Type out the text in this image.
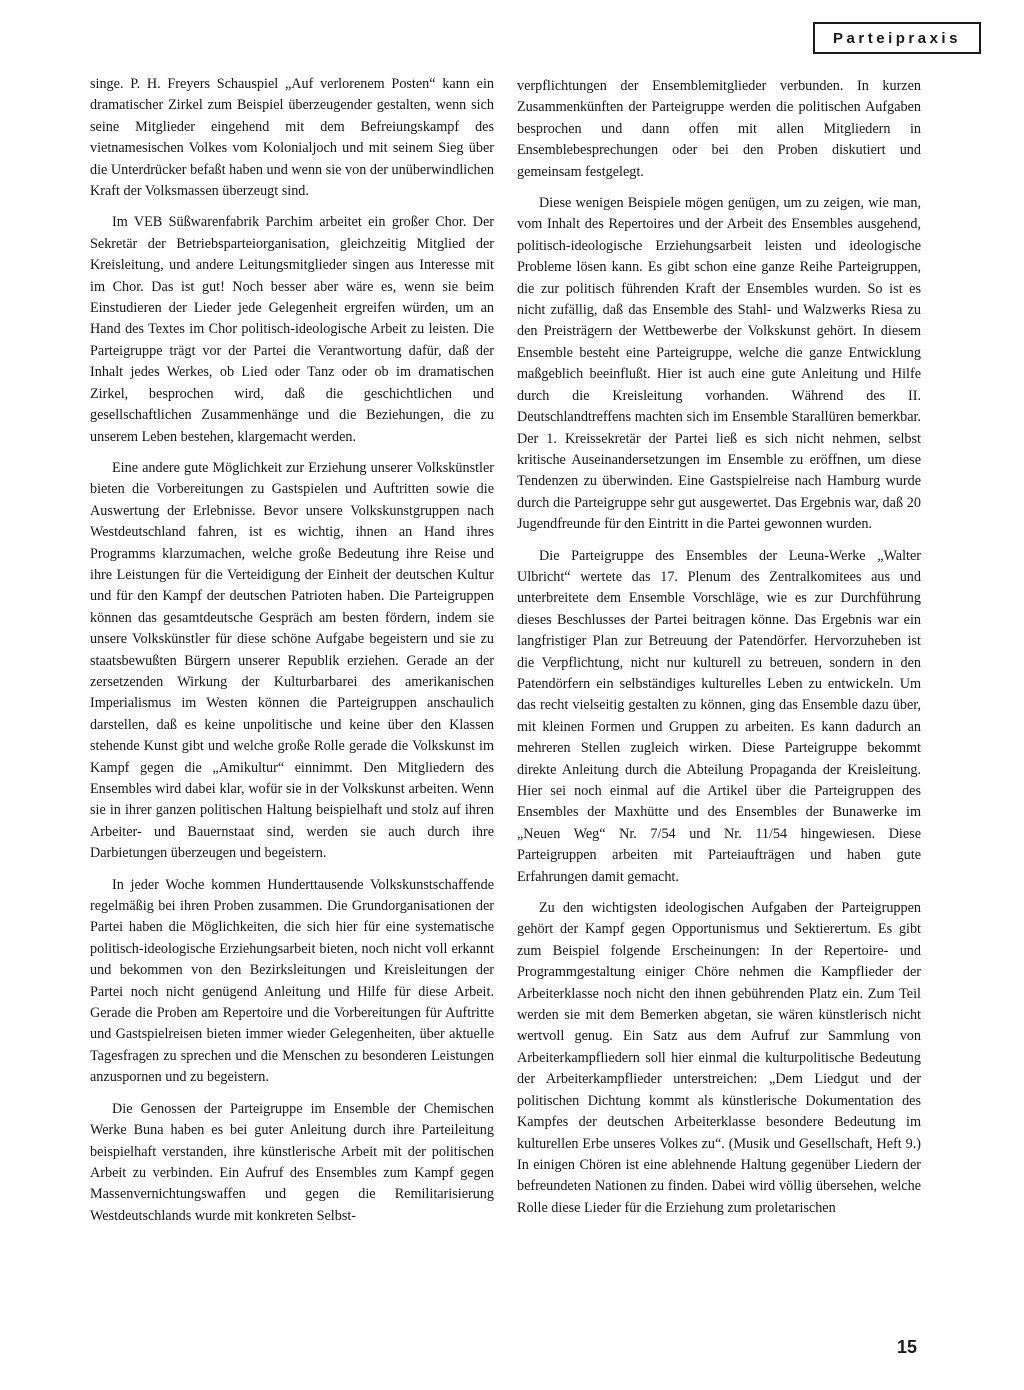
Parteipraxis

singe. P. H. Freyers Schauspiel „Auf verlorenem Posten“ kann ein dramatischer Zirkel zum Beispiel überzeugender gestalten, wenn sich seine Mitglieder eingehend mit dem Befreiungskampf des vietnamesischen Volkes vom Kolonialjoch und mit seinem Sieg über die Unterdrücker befaßt haben und wenn sie von der unüberwindlichen Kraft der Volksmassen überzeugt sind.

Im VEB Süßwarenfabrik Parchim arbeitet ein großer Chor. Der Sekretär der Betriebsparteiorganisation, gleichzeitig Mitglied der Kreisleitung, und andere Leitungsmitglieder singen aus Interesse mit im Chor. Das ist gut! Noch besser aber wäre es, wenn sie beim Einstudieren der Lieder jede Gelegenheit ergreifen würden, um an Hand des Textes im Chor politisch-ideologische Arbeit zu leisten. Die Parteigruppe trägt vor der Partei die Verantwortung dafür, daß der Inhalt jedes Werkes, ob Lied oder Tanz oder ob im dramatischen Zirkel, besprochen wird, daß die geschichtlichen und gesellschaftlichen Zusammenhänge und die Beziehungen, die zu unserem Leben bestehen, klargemacht werden.

Eine andere gute Möglichkeit zur Erziehung unserer Volkskünstler bieten die Vorbereitungen zu Gastspielen und Auftritten sowie die Auswertung der Erlebnisse. Bevor unsere Volkskunstgruppen nach Westdeutschland fahren, ist es wichtig, ihnen an Hand ihres Programms klarzumachen, welche große Bedeutung ihre Reise und ihre Leistungen für die Verteidigung der Einheit der deutschen Kultur und für den Kampf der deutschen Patrioten haben. Die Parteigruppen können das gesamtdeutsche Gespräch am besten fördern, indem sie unsere Volkskünstler für diese schöne Aufgabe begeistern und sie zu staatsbewußten Bürgern unserer Republik erziehen. Gerade an der zersetzenden Wirkung der Kulturbarbarei des amerikanischen Imperialismus im Westen können die Parteigruppen anschaulich darstellen, daß es keine unpolitische und keine über den Klassen stehende Kunst gibt und welche große Rolle gerade die Volkskunst im Kampf gegen die „Amikultur“ einnimmt. Den Mitgliedern des Ensembles wird dabei klar, wofür sie in der Volkskunst arbeiten. Wenn sie in ihrer ganzen politischen Haltung beispielhaft und stolz auf ihren Arbeiter- und Bauernstaat sind, werden sie auch durch ihre Darbietungen überzeugen und begeistern.

In jeder Woche kommen Hunderttausende Volkskunstschaffende regelmäßig bei ihren Proben zusammen. Die Grundorganisationen der Partei haben die Möglichkeiten, die sich hier für eine systematische politisch-ideologische Erziehungsarbeit bieten, noch nicht voll erkannt und bekommen von den Bezirksleitungen und Kreisleitungen der Partei noch nicht genügend Anleitung und Hilfe für diese Arbeit. Gerade die Proben am Repertoire und die Vorbereitungen für Auftritte und Gastspielreisen bieten immer wieder Gelegenheiten, über aktuelle Tagesfragen zu sprechen und die Menschen zu besonderen Leistungen anzuspornen und zu begeistern.

Die Genossen der Parteigruppe im Ensemble der Chemischen Werke Buna haben es bei guter Anleitung durch ihre Parteileitung beispielhaft verstanden, ihre künstlerische Arbeit mit der politischen Arbeit zu verbinden. Ein Aufruf des Ensembles zum Kampf gegen Massenvernichtungswaffen und gegen die Remilitarisierung Westdeutschlands wurde mit konkreten Selbst-

verpflichtungen der Ensemblemitglieder verbunden. In kurzen Zusammenkünften der Parteigruppe werden die politischen Aufgaben besprochen und dann offen mit allen Mitgliedern in Ensemblebesprechungen oder bei den Proben diskutiert und gemeinsam festgelegt.

Diese wenigen Beispiele mögen genügen, um zu zeigen, wie man, vom Inhalt des Repertoires und der Arbeit des Ensembles ausgehend, politisch-ideologische Erziehungsarbeit leisten und ideologische Probleme lösen kann. Es gibt schon eine ganze Reihe Parteigruppen, die zur politisch führenden Kraft der Ensembles wurden. So ist es nicht zufällig, daß das Ensemble des Stahl- und Walzwerks Riesa zu den Preisträgern der Wettbewerbe der Volkskunst gehört. In diesem Ensemble besteht eine Parteigruppe, welche die ganze Entwicklung maßgeblich beeinflußt. Hier ist auch eine gute Anleitung und Hilfe durch die Kreisleitung vorhanden. Während des II. Deutschlandtreffens machten sich im Ensemble Starallüren bemerkbar. Der 1. Kreissekretär der Partei ließ es sich nicht nehmen, selbst kritische Auseinandersetzungen im Ensemble zu eröffnen, um diese Tendenzen zu überwinden. Eine Gastspielreise nach Hamburg wurde durch die Parteigruppe sehr gut ausgewertet. Das Ergebnis war, daß 20 Jugendfreunde für den Eintritt in die Partei gewonnen wurden.

Die Parteigruppe des Ensembles der Leuna-Werke „Walter Ulbricht“ wertete das 17. Plenum des Zentralkomitees aus und unterbreitete dem Ensemble Vorschläge, wie es zur Durchführung dieses Beschlusses der Partei beitragen könne. Das Ergebnis war ein langfristiger Plan zur Betreuung der Patendörfer. Hervorzuheben ist die Verpflichtung, nicht nur kulturell zu betreuen, sondern in den Patendörfern ein selbständiges kulturelles Leben zu entwickeln. Um das recht vielseitig gestalten zu können, ging das Ensemble dazu über, mit kleinen Formen und Gruppen zu arbeiten. Es kann dadurch an mehreren Stellen zugleich wirken. Diese Parteigruppe bekommt direkte Anleitung durch die Abteilung Propaganda der Kreisleitung. Hier sei noch einmal auf die Artikel über die Parteigruppen des Ensembles der Maxhütte und des Ensembles der Bunawerke im „Neuen Weg“ Nr. 7/54 und Nr. 11/54 hingewiesen. Diese Parteigruppen arbeiten mit Parteiaufträgen und haben gute Erfahrungen damit gemacht.

Zu den wichtigsten ideologischen Aufgaben der Parteigruppen gehört der Kampf gegen Opportunismus und Sektierertum. Es gibt zum Beispiel folgende Erscheinungen: In der Repertoire- und Programmgestaltung einiger Chöre nehmen die Kampflieder der Arbeiterklasse noch nicht den ihnen gebührenden Platz ein. Zum Teil werden sie mit dem Bemerken abgetan, sie wären künstlerisch nicht wertvoll genug. Ein Satz aus dem Aufruf zur Sammlung von Arbeiterkampfliedern soll hier einmal die kulturpolitische Bedeutung der Arbeiterkampflieder unterstreichen: „Dem Liedgut und der politischen Dichtung kommt als künstlerische Dokumentation des Kampfes der deutschen Arbeiterklasse besondere Bedeutung im kulturellen Erbe unseres Volkes zu“. (Musik und Gesellschaft, Heft 9.) In einigen Chören ist eine ablehnende Haltung gegenüber Liedern der befreundeten Nationen zu finden. Dabei wird völlig übersehen, welche Rolle diese Lieder für die Erziehung zum proletarischen

15
